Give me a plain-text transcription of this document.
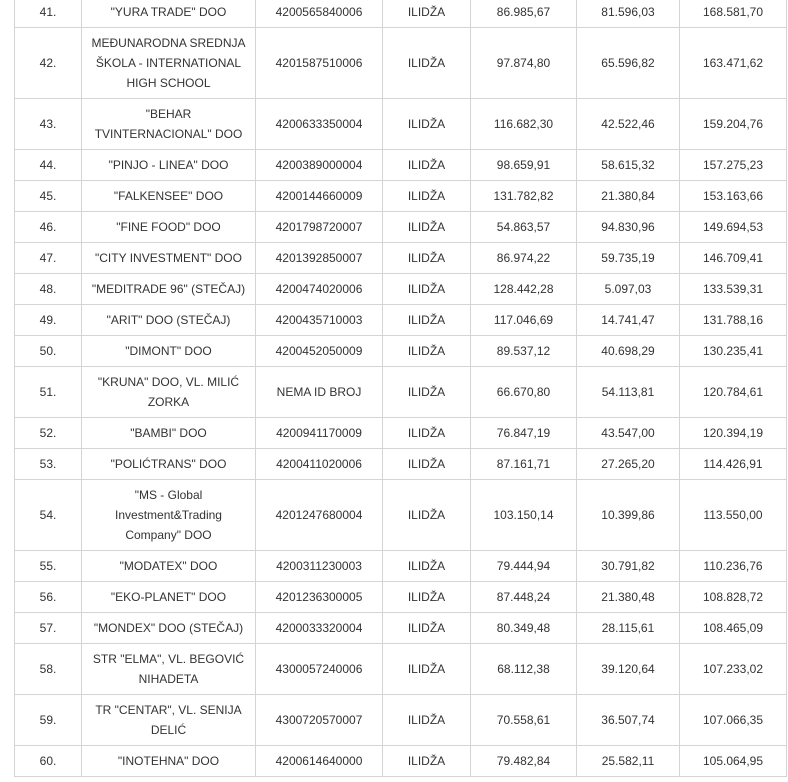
41.	"YURA TRADE" DOO	4200565840006	ILIDŽA	86.985,67	81.596,03	168.581,70
42.	MEĐUNARODNA SREDNJA ŠKOLA - INTERNATIONAL HIGH SCHOOL	4201587510006	ILIDŽA	97.874,80	65.596,82	163.471,62
43.	"BEHAR TVINTERNACIONAL" DOO	4200633350004	ILIDŽA	116.682,30	42.522,46	159.204,76
44.	"PINJO - LINEA" DOO	4200389000004	ILIDŽA	98.659,91	58.615,32	157.275,23
45.	"FALKENSEE" DOO	4200144660009	ILIDŽA	131.782,82	21.380,84	153.163,66
46.	"FINE FOOD" DOO	4201798720007	ILIDŽA	54.863,57	94.830,96	149.694,53
47.	"CITY INVESTMENT" DOO	4201392850007	ILIDŽA	86.974,22	59.735,19	146.709,41
48.	"MEDITRADE 96" (STEČAJ)	4200474020006	ILIDŽA	128.442,28	5.097,03	133.539,31
49.	"ARIT" DOO (STEČAJ)	4200435710003	ILIDŽA	117.046,69	14.741,47	131.788,16
50.	"DIMONT" DOO	4200452050009	ILIDŽA	89.537,12	40.698,29	130.235,41
51.	"KRUNA" DOO, VL. MILIĆ ZORKA	NEMA ID BROJ	ILIDŽA	66.670,80	54.113,81	120.784,61
52.	"BAMBI" DOO	4200941170009	ILIDŽA	76.847,19	43.547,00	120.394,19
53.	"POLIĆTRANS" DOO	4200411020006	ILIDŽA	87.161,71	27.265,20	114.426,91
54.	"MS - Global Investment&Trading Company" DOO	4201247680004	ILIDŽA	103.150,14	10.399,86	113.550,00
55.	"MODATEX" DOO	4200311230003	ILIDŽA	79.444,94	30.791,82	110.236,76
56.	"EKO-PLANET" DOO	4201236300005	ILIDŽA	87.448,24	21.380,48	108.828,72
57.	"MONDEX" DOO (STEČAJ)	4200033320004	ILIDŽA	80.349,48	28.115,61	108.465,09
58.	STR "ELMA", VL. BEGOVIĆ NIHADETA	4300057240006	ILIDŽA	68.112,38	39.120,64	107.233,02
59.	TR "CENTAR", VL. SENIJA DELIĆ	4300720570007	ILIDŽA	70.558,61	36.507,74	107.066,35
60.	"INOTEHNA" DOO	4200614640000	ILIDŽA	79.482,84	25.582,11	105.064,95
